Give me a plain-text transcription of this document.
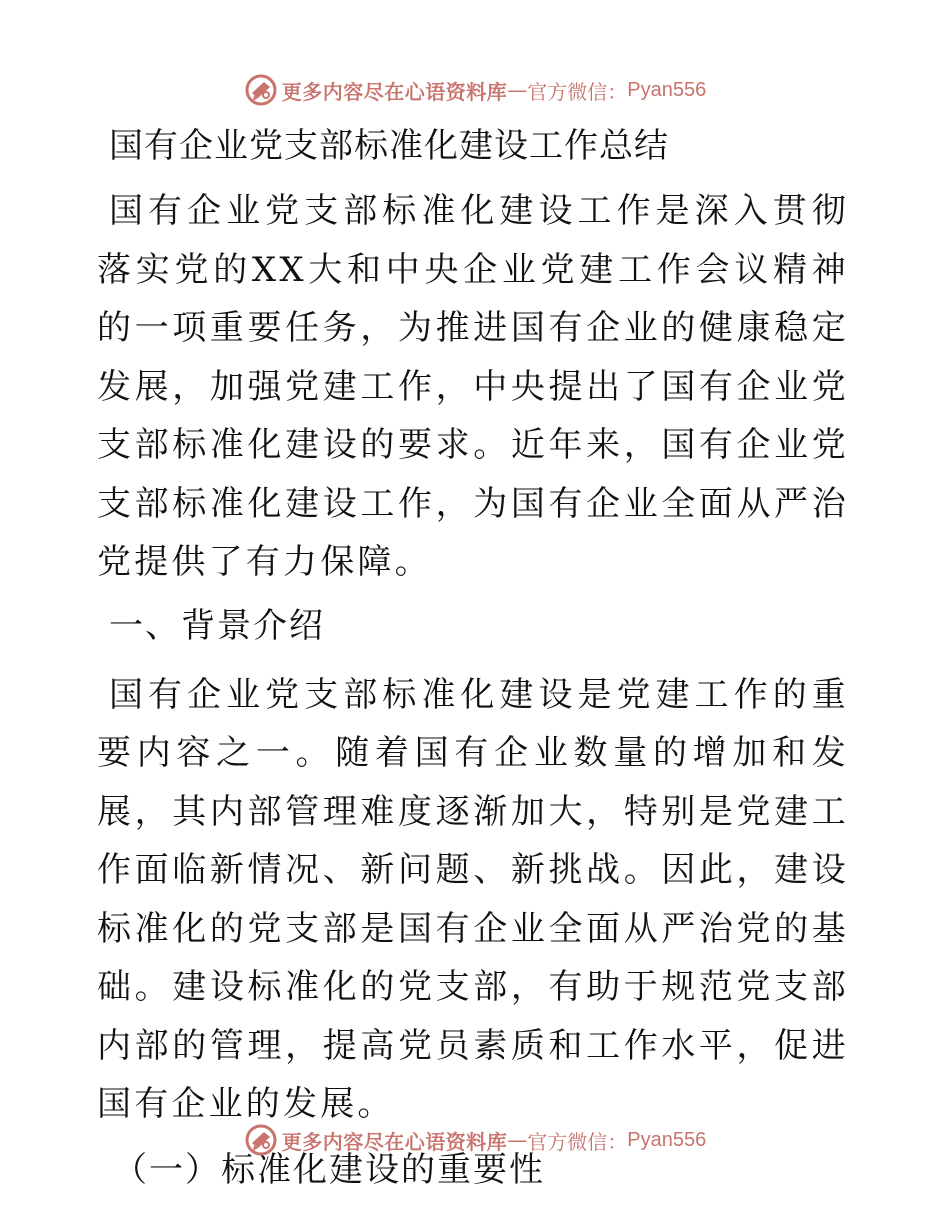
更多内容尽在心语资料库 — 官方微信： Pyan556
国有企业党支部标准化建设工作总结

国有企业党支部标准化建设工作是深入贯彻落实党的XX大和中央企业党建工作会议精神的一项重要任务，为推进国有企业的健康稳定发展，加强党建工作，中央提出了国有企业党支部标准化建设的要求。近年来，国有企业党支部标准化建设工作，为国有企业全面从严治党提供了有力保障。

一、背景介绍

国有企业党支部标准化建设是党建工作的重要内容之一。随着国有企业数量的增加和发展，其内部管理难度逐渐加大，特别是党建工作面临新情况、新问题、新挑战。因此，建设标准化的党支部是国有企业全面从严治党的基础。建设标准化的党支部，有助于规范党支部内部的管理，提高党员素质和工作水平，促进国有企业的发展。

（一）标准化建设的重要性
更多内容尽在心语资料库 — 官方微信： Pyan556
